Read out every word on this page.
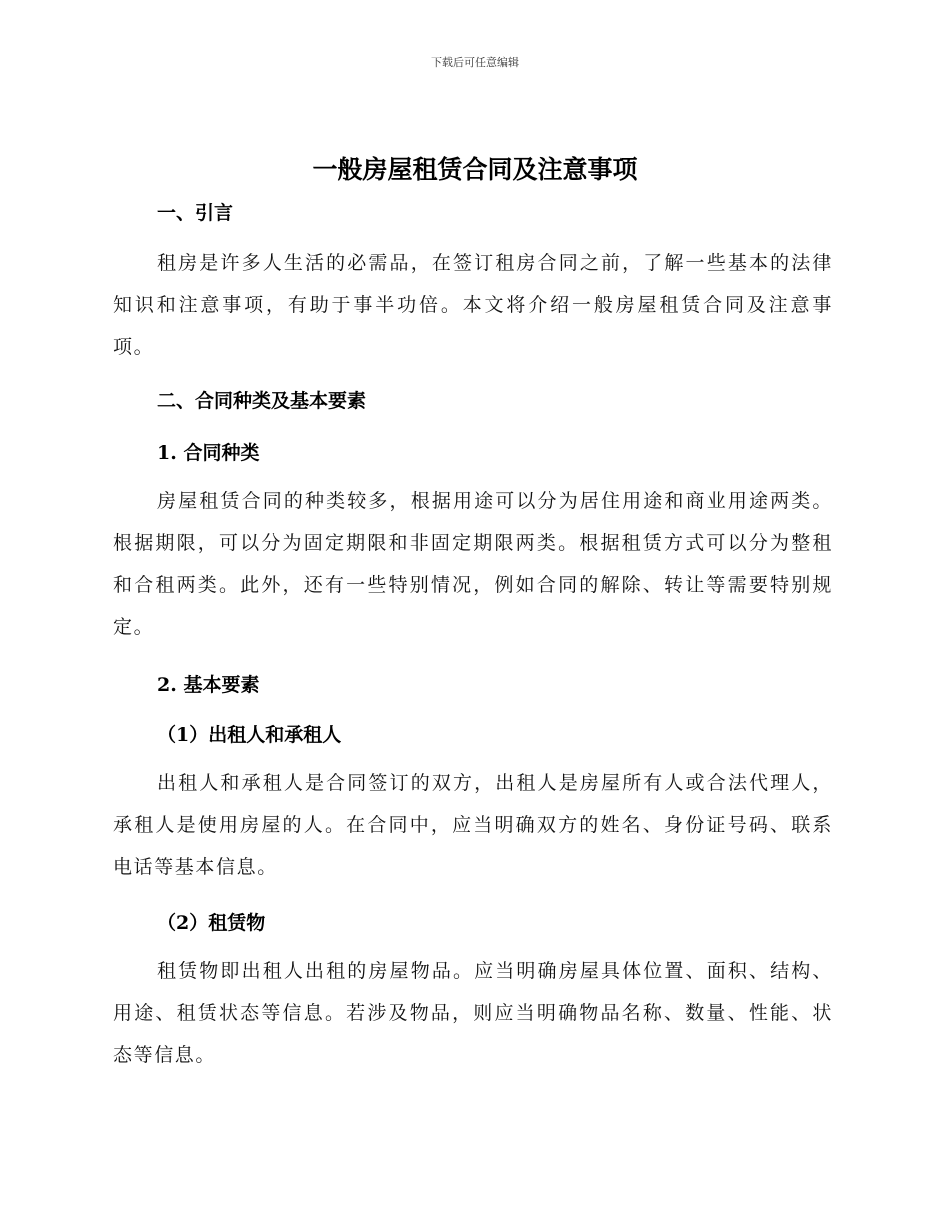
下载后可任意编辑
一般房屋租赁合同及注意事项
一、引言

租房是许多人生活的必需品，在签订租房合同之前，了解一些基本的法律知识和注意事项，有助于事半功倍。本文将介绍一般房屋租赁合同及注意事项。

二、合同种类及基本要素
1. 合同种类

房屋租赁合同的种类较多，根据用途可以分为居住用途和商业用途两类。根据期限，可以分为固定期限和非固定期限两类。根据租赁方式可以分为整租和合租两类。此外，还有一些特别情况，例如合同的解除、转让等需要特别规定。

2. 基本要素
（1）出租人和承租人

出租人和承租人是合同签订的双方，出租人是房屋所有人或合法代理人，承租人是使用房屋的人。在合同中，应当明确双方的姓名、身份证号码、联系电话等基本信息。

（2）租赁物

租赁物即出租人出租的房屋物品。应当明确房屋具体位置、面积、结构、用途、租赁状态等信息。若涉及物品，则应当明确物品名称、数量、性能、状态等信息。
